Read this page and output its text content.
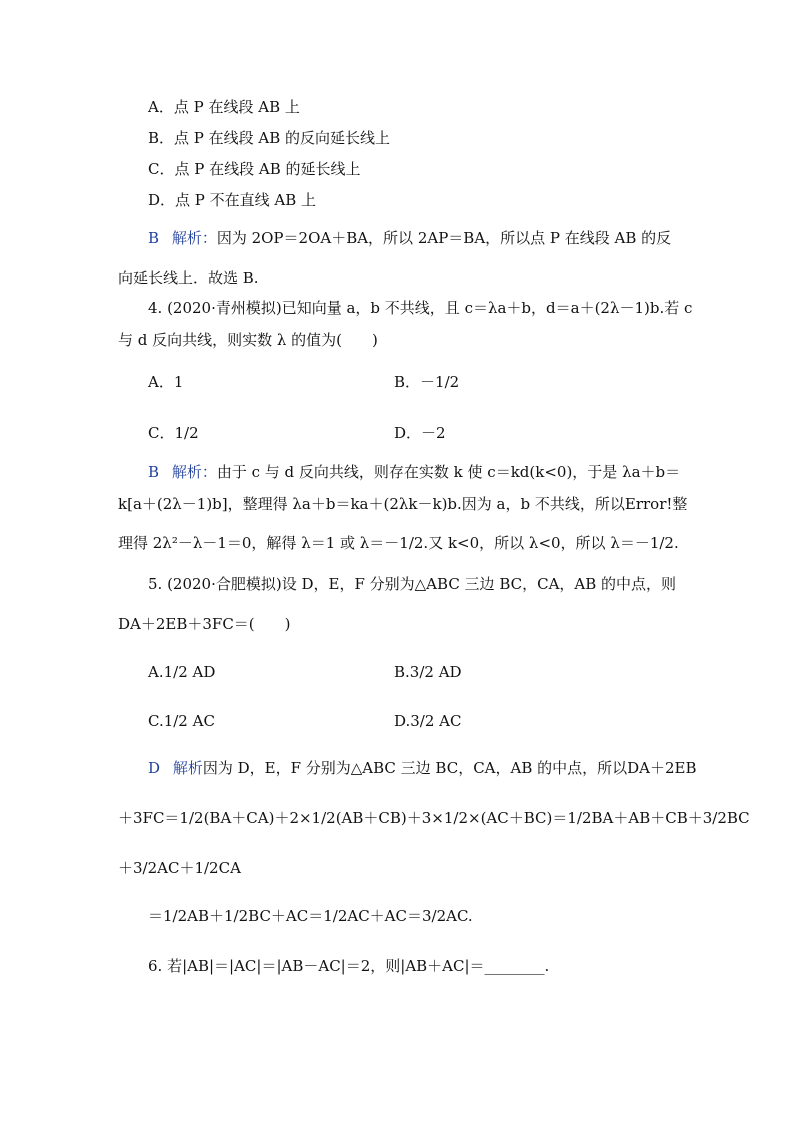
A．点 P 在线段 AB 上
B．点 P 在线段 AB 的反向延长线上
C．点 P 在线段 AB 的延长线上
D．点 P 不在直线 AB 上
B 解析：因为 2OP＝2OA＋BA，所以 2AP＝BA，所以点 P 在线段 AB 的反
向延长线上．故选 B.
4. (2020·青州模拟)已知向量 a，b 不共线，且 c＝λa＋b，d＝a＋(2λ－1)b.若 c
与 d 反向共线，则实数 λ 的值为(　　)
A．1	B．－1/2
C．1/2	D．－2
B 解析：由于 c 与 d 反向共线，则存在实数 k 使 c＝kd(k<0)，于是 λa＋b＝
k[a＋(2λ－1)b]，整理得 λa＋b＝ka＋(2λk－k)b.因为 a，b 不共线，所以Error!整
理得 2λ²－λ－1＝0，解得 λ＝1 或 λ＝－1/2.又 k<0，所以 λ<0，所以 λ＝－1/2.
5. (2020·合肥模拟)设 D，E，F 分别为△ABC 三边 BC，CA，AB 的中点，则
DA＋2EB＋3FC＝(　　)
A.1/2 AD	B.3/2 AD
C.1/2 AC	D.3/2 AC
D 解析因为 D，E，F 分别为△ABC 三边 BC，CA，AB 的中点，所以DA＋2EB
＋3FC＝1/2(BA＋CA)＋2×1/2(AB＋CB)＋3×1/2×(AC＋BC)＝1/2BA＋AB＋CB＋3/2BC
＋3/2AC＋1/2CA
＝1/2AB＋1/2BC＋AC＝1/2AC＋AC＝3/2AC.
6. 若|AB|＝|AC|＝|AB－AC|＝2，则|AB＋AC|＝________.
